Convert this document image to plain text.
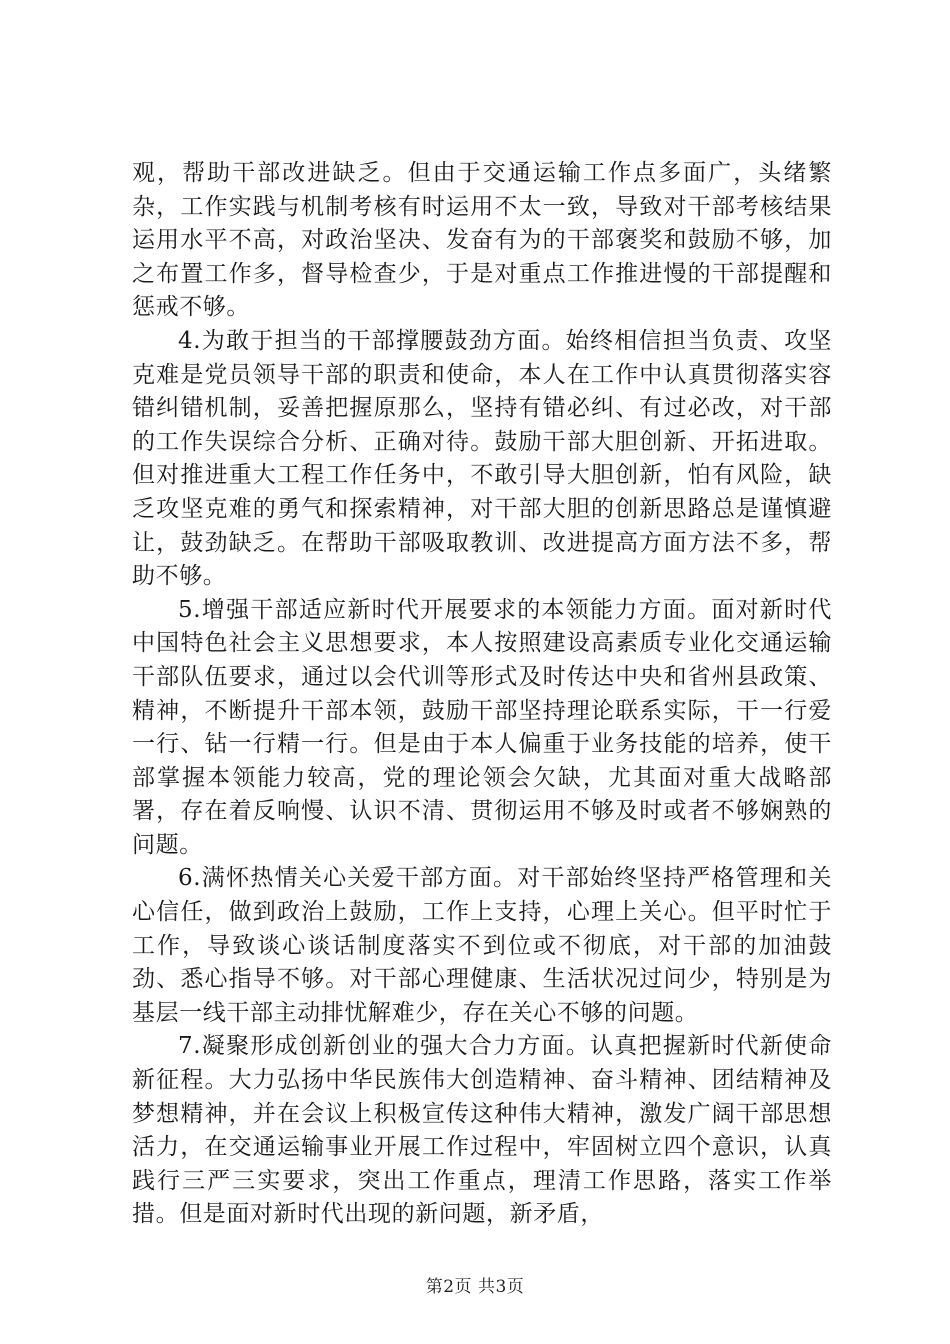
观，帮助干部改进缺乏。但由于交通运输工作点多面广，头绪繁杂，工作实践与机制考核有时运用不太一致，导致对干部考核结果运用水平不高，对政治坚决、发奋有为的干部褒奖和鼓励不够，加之布置工作多，督导检查少，于是对重点工作推进慢的干部提醒和惩戒不够。

4.为敢于担当的干部撑腰鼓劲方面。始终相信担当负责、攻坚克难是党员领导干部的职责和使命，本人在工作中认真贯彻落实容错纠错机制，妥善把握原那么，坚持有错必纠、有过必改，对干部的工作失误综合分析、正确对待。鼓励干部大胆创新、开拓进取。但对推进重大工程工作任务中，不敢引导大胆创新，怕有风险，缺乏攻坚克难的勇气和探索精神，对干部大胆的创新思路总是谨慎避让，鼓劲缺乏。在帮助干部吸取教训、改进提高方面方法不多，帮助不够。

5.增强干部适应新时代开展要求的本领能力方面。面对新时代中国特色社会主义思想要求，本人按照建设高素质专业化交通运输干部队伍要求，通过以会代训等形式及时传达中央和省州县政策、精神，不断提升干部本领，鼓励干部坚持理论联系实际，干一行爱一行、钻一行精一行。但是由于本人偏重于业务技能的培养，使干部掌握本领能力较高，党的理论领会欠缺，尤其面对重大战略部署，存在着反响慢、认识不清、贯彻运用不够及时或者不够娴熟的问题。

6.满怀热情关心关爱干部方面。对干部始终坚持严格管理和关心信任，做到政治上鼓励，工作上支持，心理上关心。但平时忙于工作，导致谈心谈话制度落实不到位或不彻底，对干部的加油鼓劲、悉心指导不够。对干部心理健康、生活状况过问少，特别是为基层一线干部主动排忧解难少，存在关心不够的问题。

7.凝聚形成创新创业的强大合力方面。认真把握新时代新使命新征程。大力弘扬中华民族伟大创造精神、奋斗精神、团结精神及梦想精神，并在会议上积极宣传这种伟大精神，激发广阔干部思想活力，在交通运输事业开展工作过程中，牢固树立四个意识，认真践行三严三实要求，突出工作重点，理清工作思路，落实工作举措。但是面对新时代出现的新问题，新矛盾，

第2页 共3页
